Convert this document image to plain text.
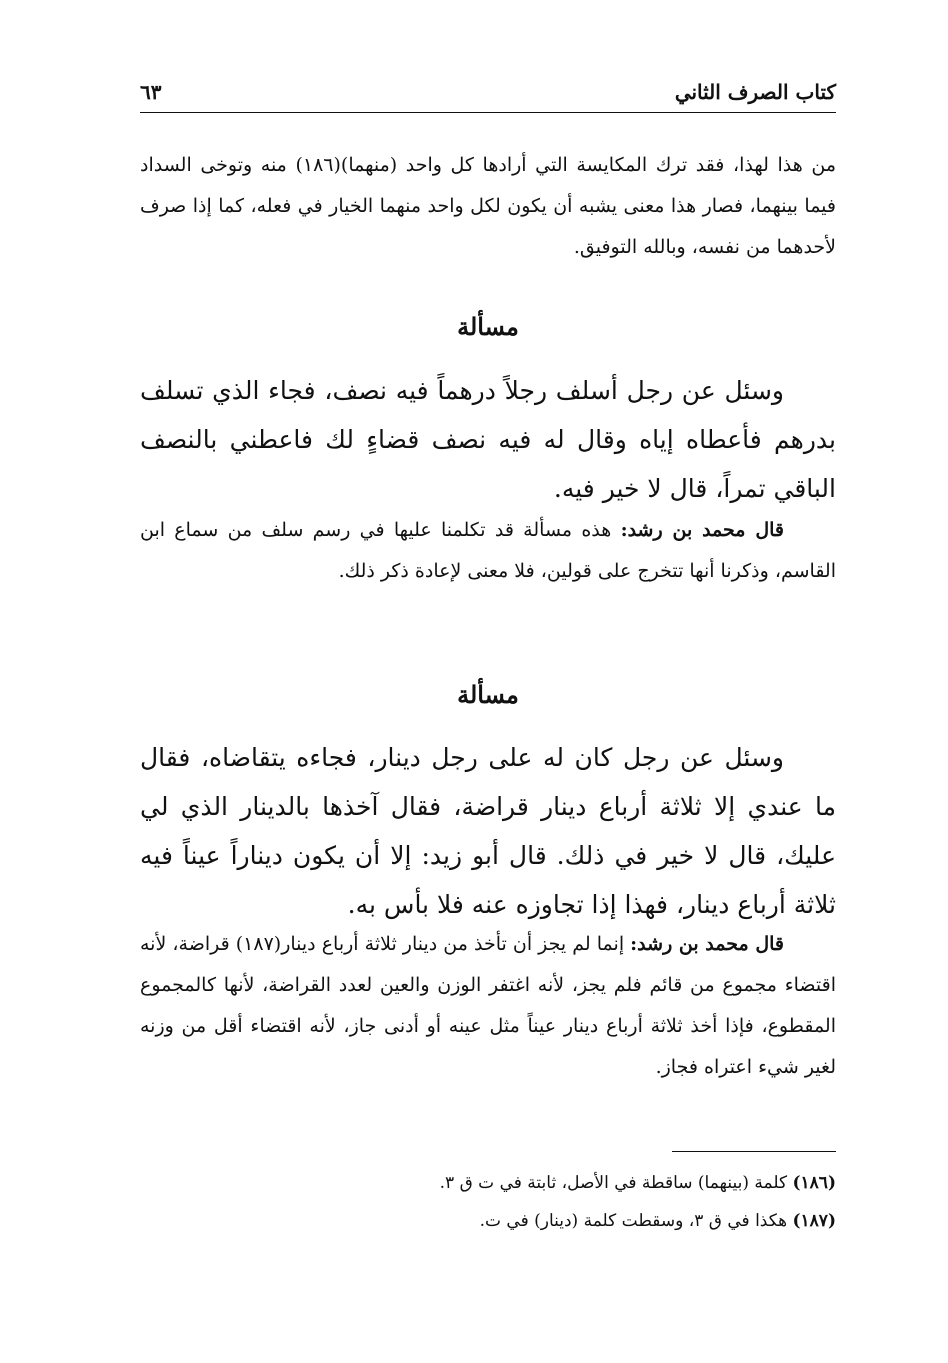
كتاب الصرف الثاني
٦٣
من هذا لهذا، فقد ترك المكايسة التي أرادها كل واحد (منهما)(١٨٦) منه وتوخى السداد فيما بينهما، فصار هذا معنى يشبه أن يكون لكل واحد منهما الخيار في فعله، كما إذا صرف لأحدهما من نفسه، وبالله التوفيق.
مسألة
وسئل عن رجل أسلف رجلاً درهماً فيه نصف، فجاء الذي تسلف بدرهم فأعطاه إياه وقال له فيه نصف قضاءٍ لك فاعطني بالنصف الباقي تمراً، قال لا خير فيه.
قال محمد بن رشد: هذه مسألة قد تكلمنا عليها في رسم سلف من سماع ابن القاسم، وذكرنا أنها تتخرج على قولين، فلا معنى لإعادة ذكر ذلك.
مسألة
وسئل عن رجل كان له على رجل دينار، فجاءه يتقاضاه، فقال ما عندي إلا ثلاثة أرباع دينار قراضة، فقال آخذها بالدينار الذي لي عليك، قال لا خير في ذلك. قال أبو زيد: إلا أن يكون ديناراً عيناً فيه ثلاثة أرباع دينار، فهذا إذا تجاوزه عنه فلا بأس به.
قال محمد بن رشد: إنما لم يجز أن تأخذ من دينار ثلاثة أرباع دينار(١٨٧) قراضة، لأنه اقتضاء مجموع من قائم فلم يجز، لأنه اغتفر الوزن والعين لعدد القراضة، لأنها كالمجموع المقطوع، فإذا أخذ ثلاثة أرباع دينار عيناً مثل عينه أو أدنى جاز، لأنه اقتضاء أقل من وزنه لغير شيء اعتراه فجاز.
(١٨٦) كلمة (بينهما) ساقطة في الأصل، ثابتة في ت ق ٣.
(١٨٧) هكذا في ق ٣، وسقطت كلمة (دينار) في ت.
